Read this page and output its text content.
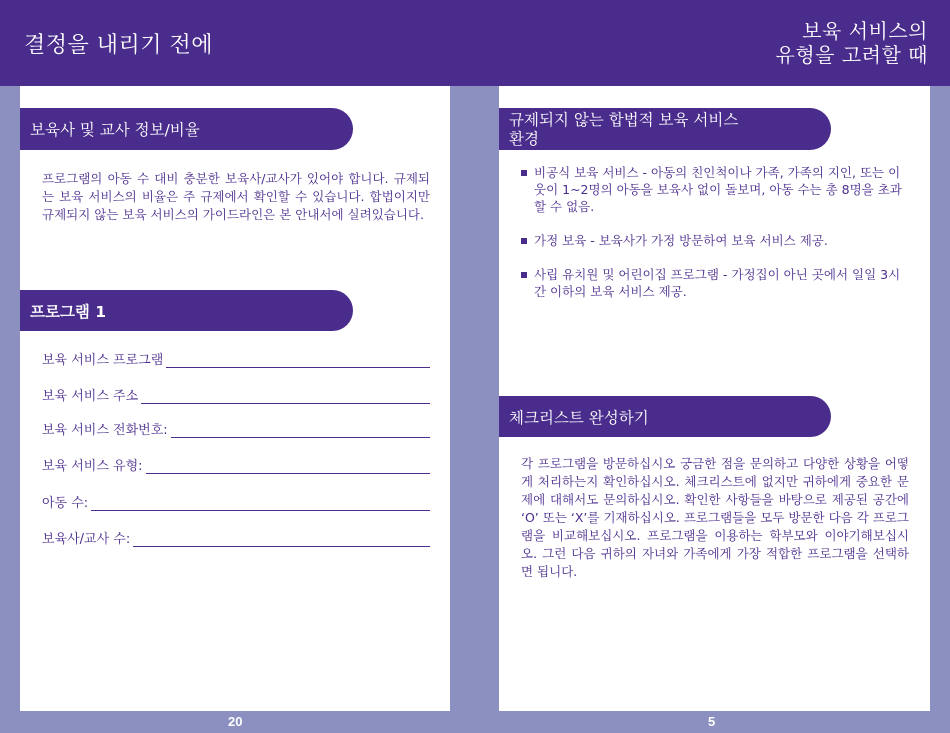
결정을 내리기 전에
보육 서비스의
유형을 고려할 때
보육사 및 교사 정보/비율

프로그램의 아동 수 대비 충분한 보육사/교사가 있어야 합니다. 규제되는 보육 서비스의 비율은 주 규제에서 확인할 수 있습니다. 합법이지만 규제되지 않는 보육 서비스의 가이드라인은 본 안내서에 실려있습니다.

프로그램 1
보육 서비스 프로그램
보육 서비스 주소
보육 서비스 전화번호:
보육 서비스 유형:
아동 수:
보육사/교사 수:
20
규제되지 않는 합법적 보육 서비스
환경
비공식 보육 서비스 - 아동의 친인척이나 가족, 가족의 지인, 또는 이웃이 1~2명의 아동을 보육사 없이 돌보며, 아동 수는 총 8명을 초과할 수 없음.
가정 보육 - 보육사가 가정 방문하여 보육 서비스 제공.
사립 유치원 및 어린이집 프로그램 - 가정집이 아닌 곳에서 일일 3시간 이하의 보육 서비스 제공.
체크리스트 완성하기

각 프로그램을 방문하십시오 궁금한 점을 문의하고 다양한 상황을 어떻게 처리하는지 확인하십시오. 체크리스트에 없지만 귀하에게 중요한 문제에 대해서도 문의하십시오. 확인한 사항들을 바탕으로 제공된 공간에 ‘O’ 또는 ‘X’를 기재하십시오. 프로그램들을 모두 방문한 다음 각 프로그램을 비교해보십시오. 프로그램을 이용하는 학부모와 이야기해보십시오. 그런 다음 귀하의 자녀와 가족에게 가장 적합한 프로그램을 선택하면 됩니다.

5
